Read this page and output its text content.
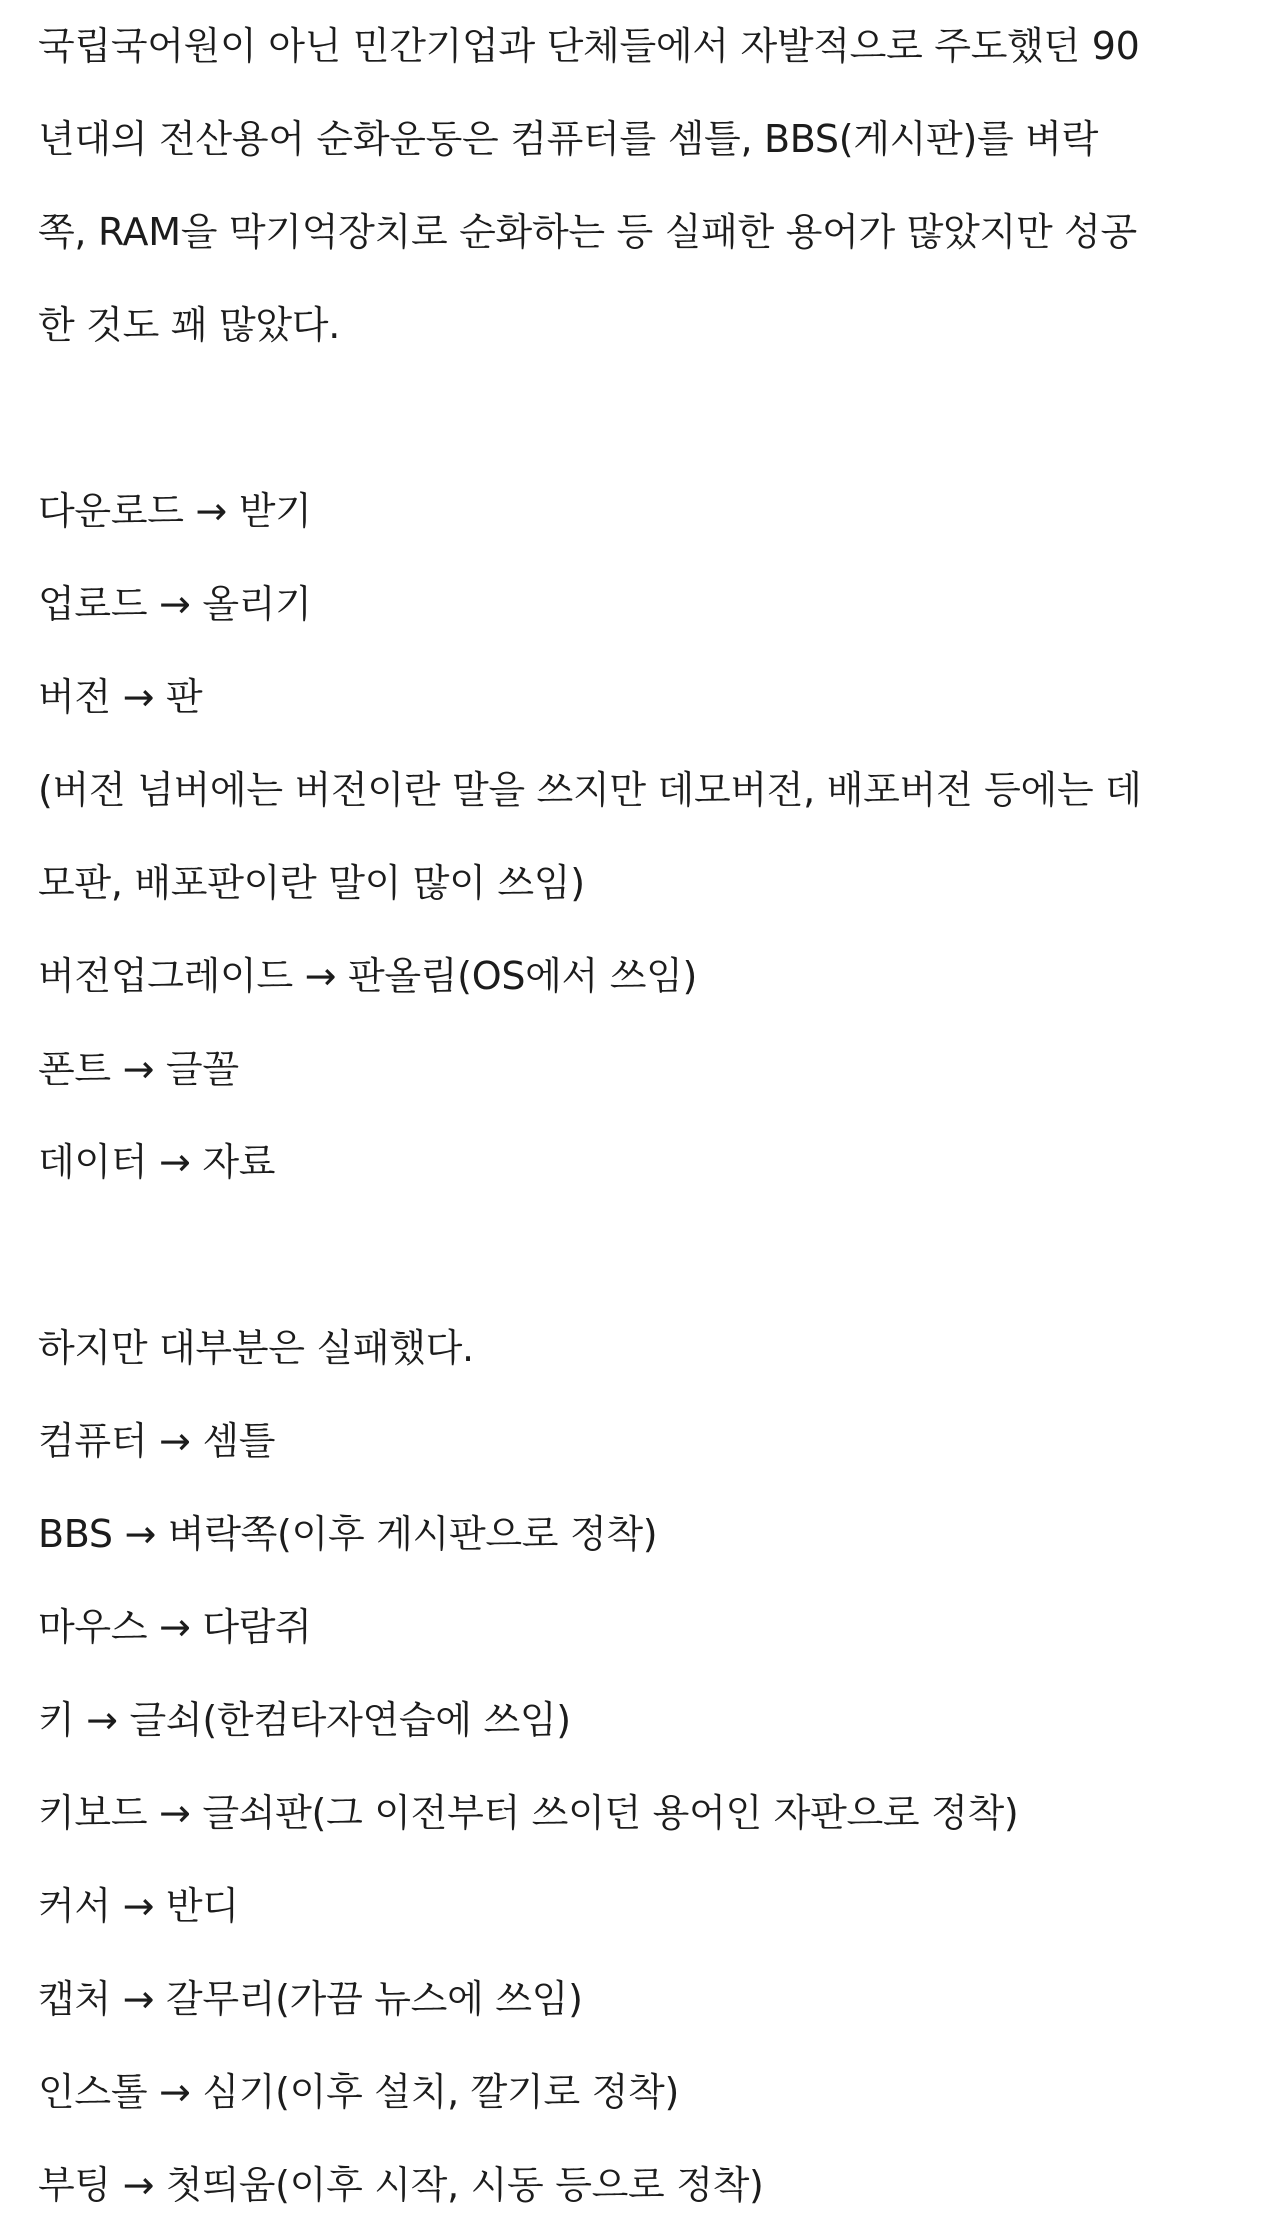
국립국어원이 아닌 민간기업과 단체들에서 자발적으로 주도했던 90
년대의 전산용어 순화운동은 컴퓨터를 셈틀, BBS(게시판)를 벼락
쪽, RAM을 막기억장치로 순화하는 등 실패한 용어가 많았지만 성공
한 것도 꽤 많았다.
다운로드 → 받기
업로드 → 올리기
버전 → 판
(버전 넘버에는 버전이란 말을 쓰지만 데모버전, 배포버전 등에는 데
모판, 배포판이란 말이 많이 쓰임)
버전업그레이드 → 판올림(OS에서 쓰임)
폰트 → 글꼴
데이터 → 자료
하지만 대부분은 실패했다.
컴퓨터 → 셈틀
BBS → 벼락쪽(이후 게시판으로 정착)
마우스 → 다람쥐
키 → 글쇠(한컴타자연습에 쓰임)
키보드 → 글쇠판(그 이전부터 쓰이던 용어인 자판으로 정착)
커서 → 반디
캡처 → 갈무리(가끔 뉴스에 쓰임)
인스톨 → 심기(이후 설치, 깔기로 정착)
부팅 → 첫띄움(이후 시작, 시동 등으로 정착)
